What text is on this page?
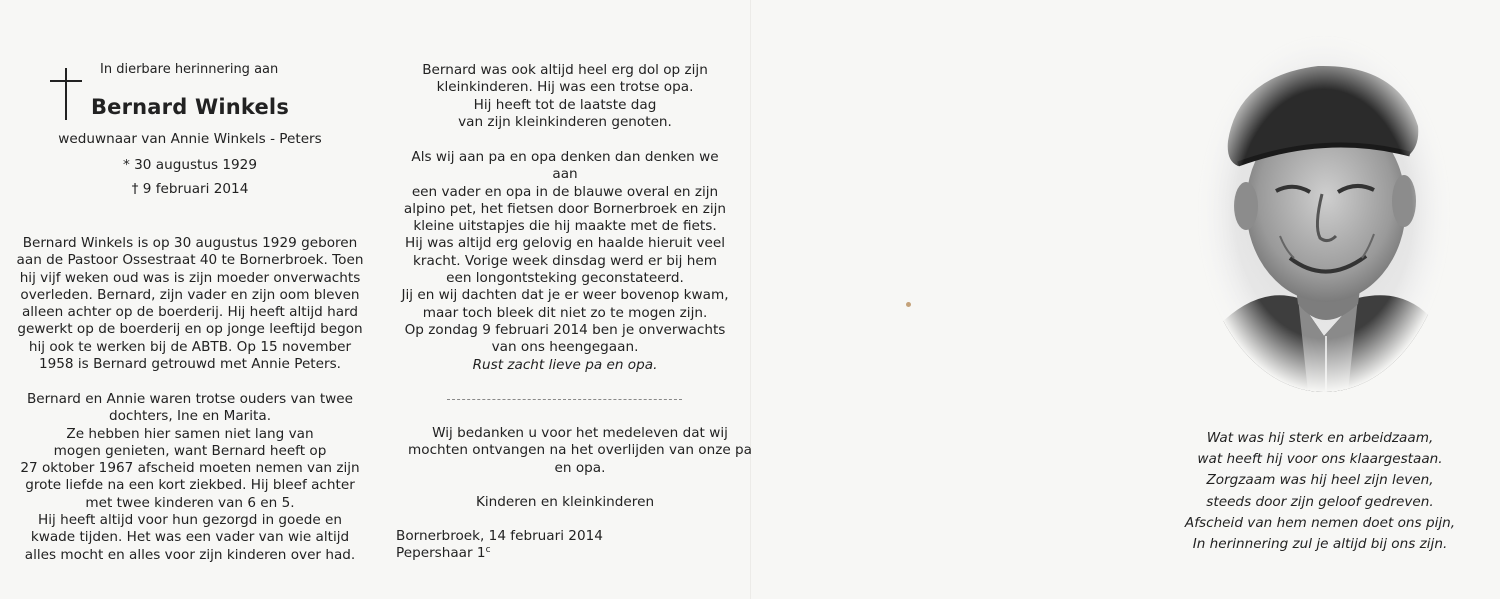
In dierbare herinnering aan
Bernard Winkels
weduwnaar van Annie Winkels - Peters
* 30 augustus 1929
† 9 februari 2014

Bernard Winkels is op 30 augustus 1929 geboren

aan de Pastoor Ossestraat 40 te Bornerbroek. Toen

hij vijf weken oud was is zijn moeder onverwachts

overleden. Bernard, zijn vader en zijn oom bleven

alleen achter op de boerderij. Hij heeft altijd hard

gewerkt op de boerderij en op jonge leeftijd begon

hij ook te werken bij de ABTB. Op 15 november

1958 is Bernard getrouwd met Annie Peters.

Bernard en Annie waren trotse ouders van twee

dochters, Ine en Marita.

Ze hebben hier samen niet lang van

mogen genieten, want Bernard heeft op

27 oktober 1967 afscheid moeten nemen van zijn

grote liefde na een kort ziekbed. Hij bleef achter

met twee kinderen van 6 en 5.

Hij heeft altijd voor hun gezorgd in goede en

kwade tijden. Het was een vader van wie altijd

alles mocht en alles voor zijn kinderen over had.

Bernard was ook altijd heel erg dol op zijn

kleinkinderen. Hij was een trotse opa.

Hij heeft tot de laatste dag

van zijn kleinkinderen genoten.

Als wij aan pa en opa denken dan denken we aan

een vader en opa in de blauwe overal en zijn

alpino pet, het fietsen door Bornerbroek en zijn

kleine uitstapjes die hij maakte met de fiets.

Hij was altijd erg gelovig en haalde hieruit veel

kracht. Vorige week dinsdag werd er bij hem

een longontsteking geconstateerd.

Jij en wij dachten dat je er weer bovenop kwam,

maar toch bleek dit niet zo te mogen zijn.

Op zondag 9 februari 2014 ben je onverwachts

van ons heengegaan.

Rust zacht lieve pa en opa.

Wij bedanken u voor het medeleven dat wij

mochten ontvangen na het overlijden van onze pa

en opa.

Kinderen en kleinkinderen
Bornerbroek, 14 februari 2014
Pepershaar 1$^c$
Wat was hij sterk en arbeidzaam,
wat heeft hij voor ons klaargestaan.
Zorgzaam was hij heel zijn leven,
steeds door zijn geloof gedreven.
Afscheid van hem nemen doet ons pijn,
In herinnering zul je altijd bij ons zijn.
